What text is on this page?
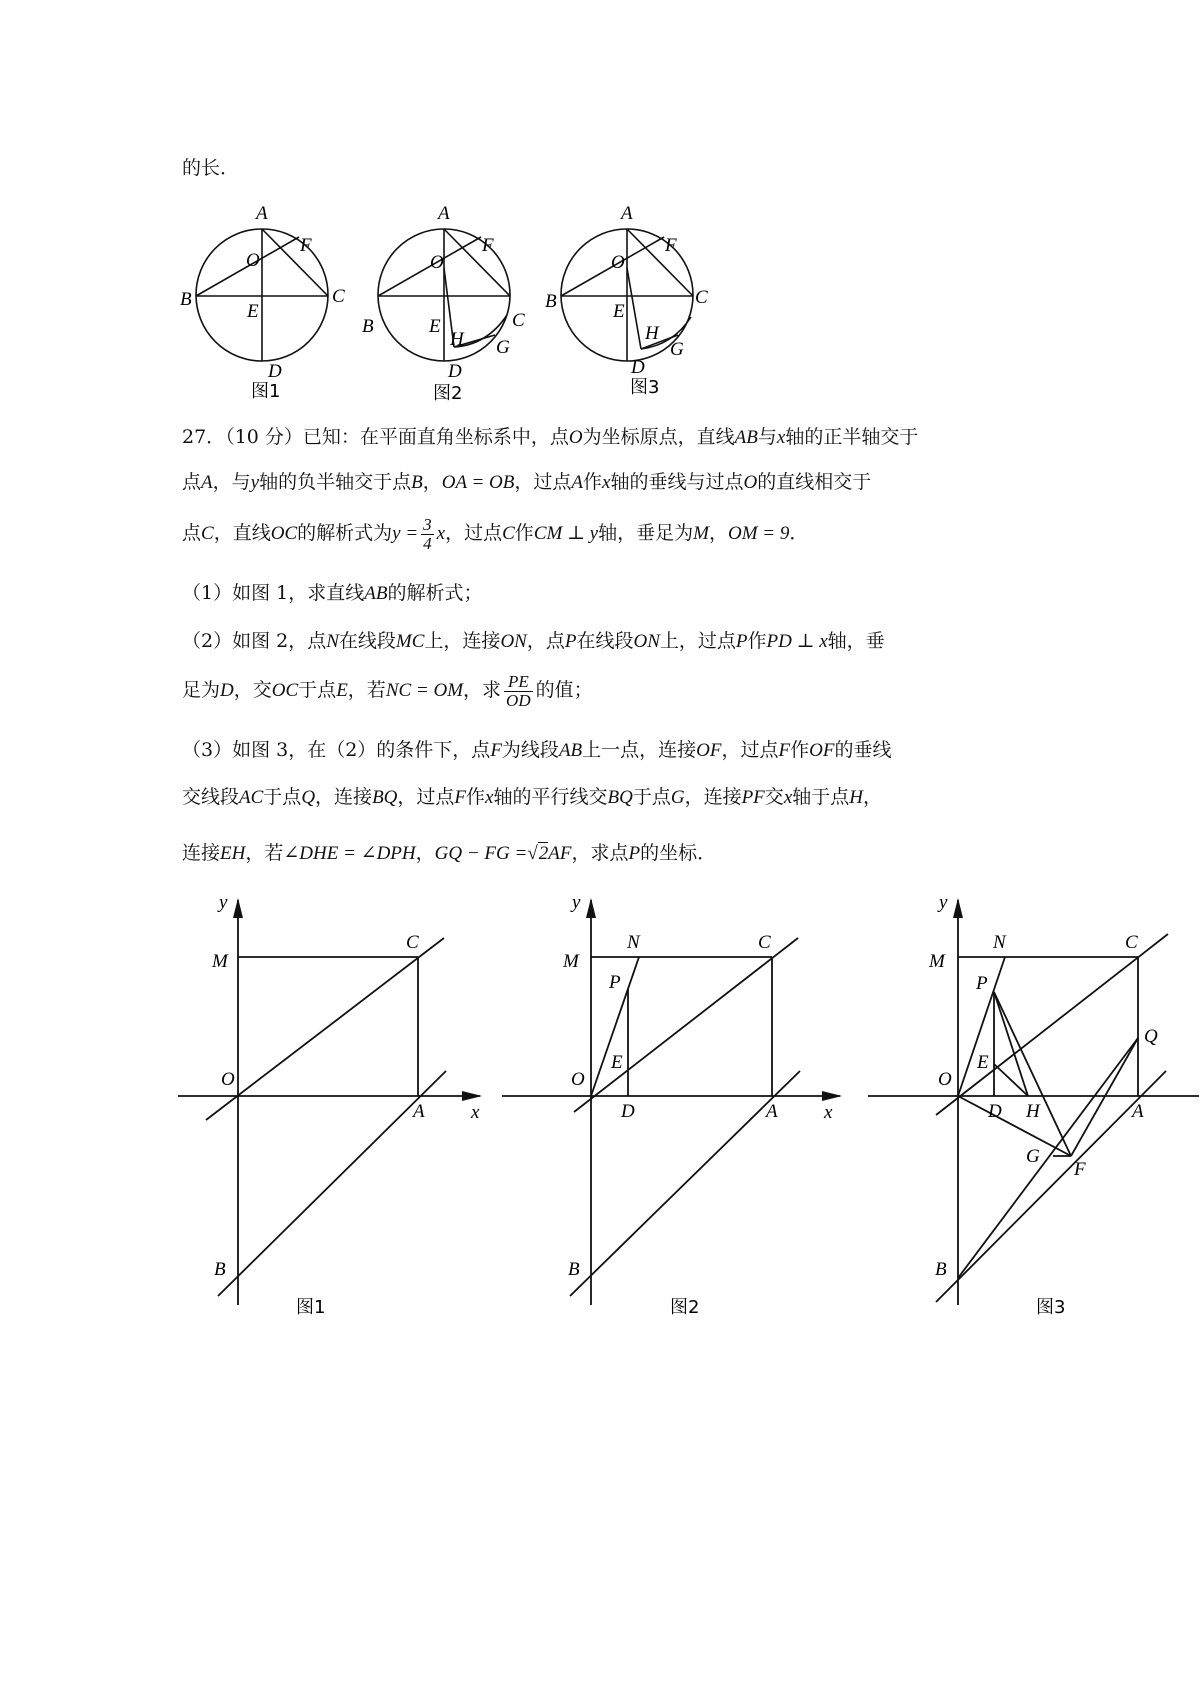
的长．
A
O
F
B
E
C
D
图1
A
O
F
B	E	C
H G
D
图2
A
O
F
B	E
C
H
G
D
图3
27．（10 分）已知：在平面直角坐标系中，点O为坐标原点，直线AB与x轴的正半轴交于
点A，与y轴的负半轴交于点B，OA = OB，过点A作x轴的垂线与过点O的直线相交于
点C，直线OC的解析式为$y = \frac{3}{4}$ x，过点C作CM ⊥ y轴，垂足为M，OM = 9．
（1）如图 1，求直线AB的解析式；
（2）如图 2，点N在线段MC上，连接ON，点P在线段ON上，过点P作PD ⊥ x轴，垂
足为D，交OC于点E，若NC = OM，求 $\frac{PE}{OD}$ 的值；
（3）如图 3，在（2）的条件下，点F为线段AB上一点，连接OF，过点F作OF的垂线
交线段AC于点Q，连接BQ，过点F作x轴的平行线交BQ于点G，连接PF交x轴于点H，
连接EH，若∠DHE = ∠DPH，GQ − FG =√2AF，求点P的坐标．
y
M
C
O
A x
B
图1
y
M
N	C
P
E
O
D	A x
B
图2
y
M
N	C
P
E
O
D H	A
Q
G
F
B
图3
